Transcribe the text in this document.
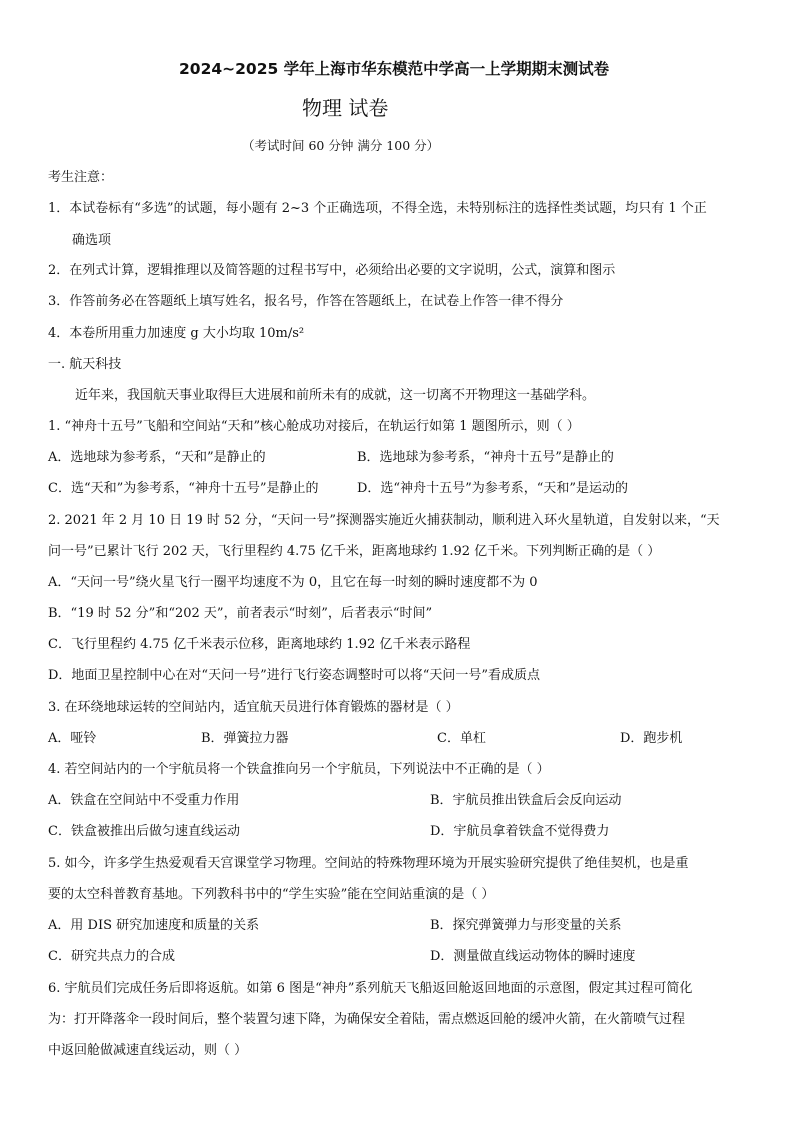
2024~2025 学年上海市华东模范中学高一上学期期末测试卷
物理 试卷
（考试时间 60 分钟 满分 100 分）
考生注意：
1．本试卷标有“多选”的试题，每小题有 2~3 个正确选项，不得全选，未特别标注的选择性类试题，均只有 1 个正
确选项
2．在列式计算，逻辑推理以及简答题的过程书写中，必须给出必要的文字说明，公式，演算和图示
3．作答前务必在答题纸上填写姓名，报名号，作答在答题纸上，在试卷上作答一律不得分
4．本卷所用重力加速度 g 大小均取 10m/s²
一. 航天科技
近年来，我国航天事业取得巨大进展和前所未有的成就，这一切离不开物理这一基础学科。
1. “神舟十五号”飞船和空间站“天和”核心舱成功对接后，在轨运行如第 1 题图所示，则（ ）
A．选地球为参考系，“天和”是静止的	B．选地球为参考系，“神舟十五号”是静止的
C．选“天和”为参考系，“神舟十五号”是静止的	D．选“神舟十五号”为参考系，“天和”是运动的
2. 2021 年 2 月 10 日 19 时 52 分，“天问一号”探测器实施近火捕获制动，顺利进入环火星轨道，自发射以来，“天
问一号”已累计飞行 202 天，飞行里程约 4.75 亿千米，距离地球约 1.92 亿千米。下列判断正确的是（ ）
A．“天问一号”绕火星飞行一圈平均速度不为 0，且它在每一时刻的瞬时速度都不为 0
B．“19 时 52 分”和“202 天”，前者表示“时刻”，后者表示“时间”
C．飞行里程约 4.75 亿千米表示位移，距离地球约 1.92 亿千米表示路程
D．地面卫星控制中心在对“天问一号”进行飞行姿态调整时可以将“天问一号”看成质点
3. 在环绕地球运转的空间站内，适宜航天员进行体育锻炼的器材是（ ）
A．哑铃	B．弹簧拉力器	C．单杠	D．跑步机
4. 若空间站内的一个宇航员将一个铁盒推向另一个宇航员，下列说法中不正确的是（ ）
A．铁盒在空间站中不受重力作用	B．宇航员推出铁盒后会反向运动
C．铁盒被推出后做匀速直线运动	D．宇航员拿着铁盒不觉得费力
5. 如今，许多学生热爱观看天宫课堂学习物理。空间站的特殊物理环境为开展实验研究提供了绝佳契机，也是重
要的太空科普教育基地。下列教科书中的“学生实验”能在空间站重演的是（ ）
A．用 DIS 研究加速度和质量的关系	B．探究弹簧弹力与形变量的关系
C．研究共点力的合成	D．测量做直线运动物体的瞬时速度
6. 宇航员们完成任务后即将返航。如第 6 图是“神舟”系列航天飞船返回舱返回地面的示意图，假定其过程可简化
为：打开降落伞一段时间后，整个装置匀速下降，为确保安全着陆，需点燃返回舱的缓冲火箭，在火箭喷气过程
中返回舱做减速直线运动，则（ ）
